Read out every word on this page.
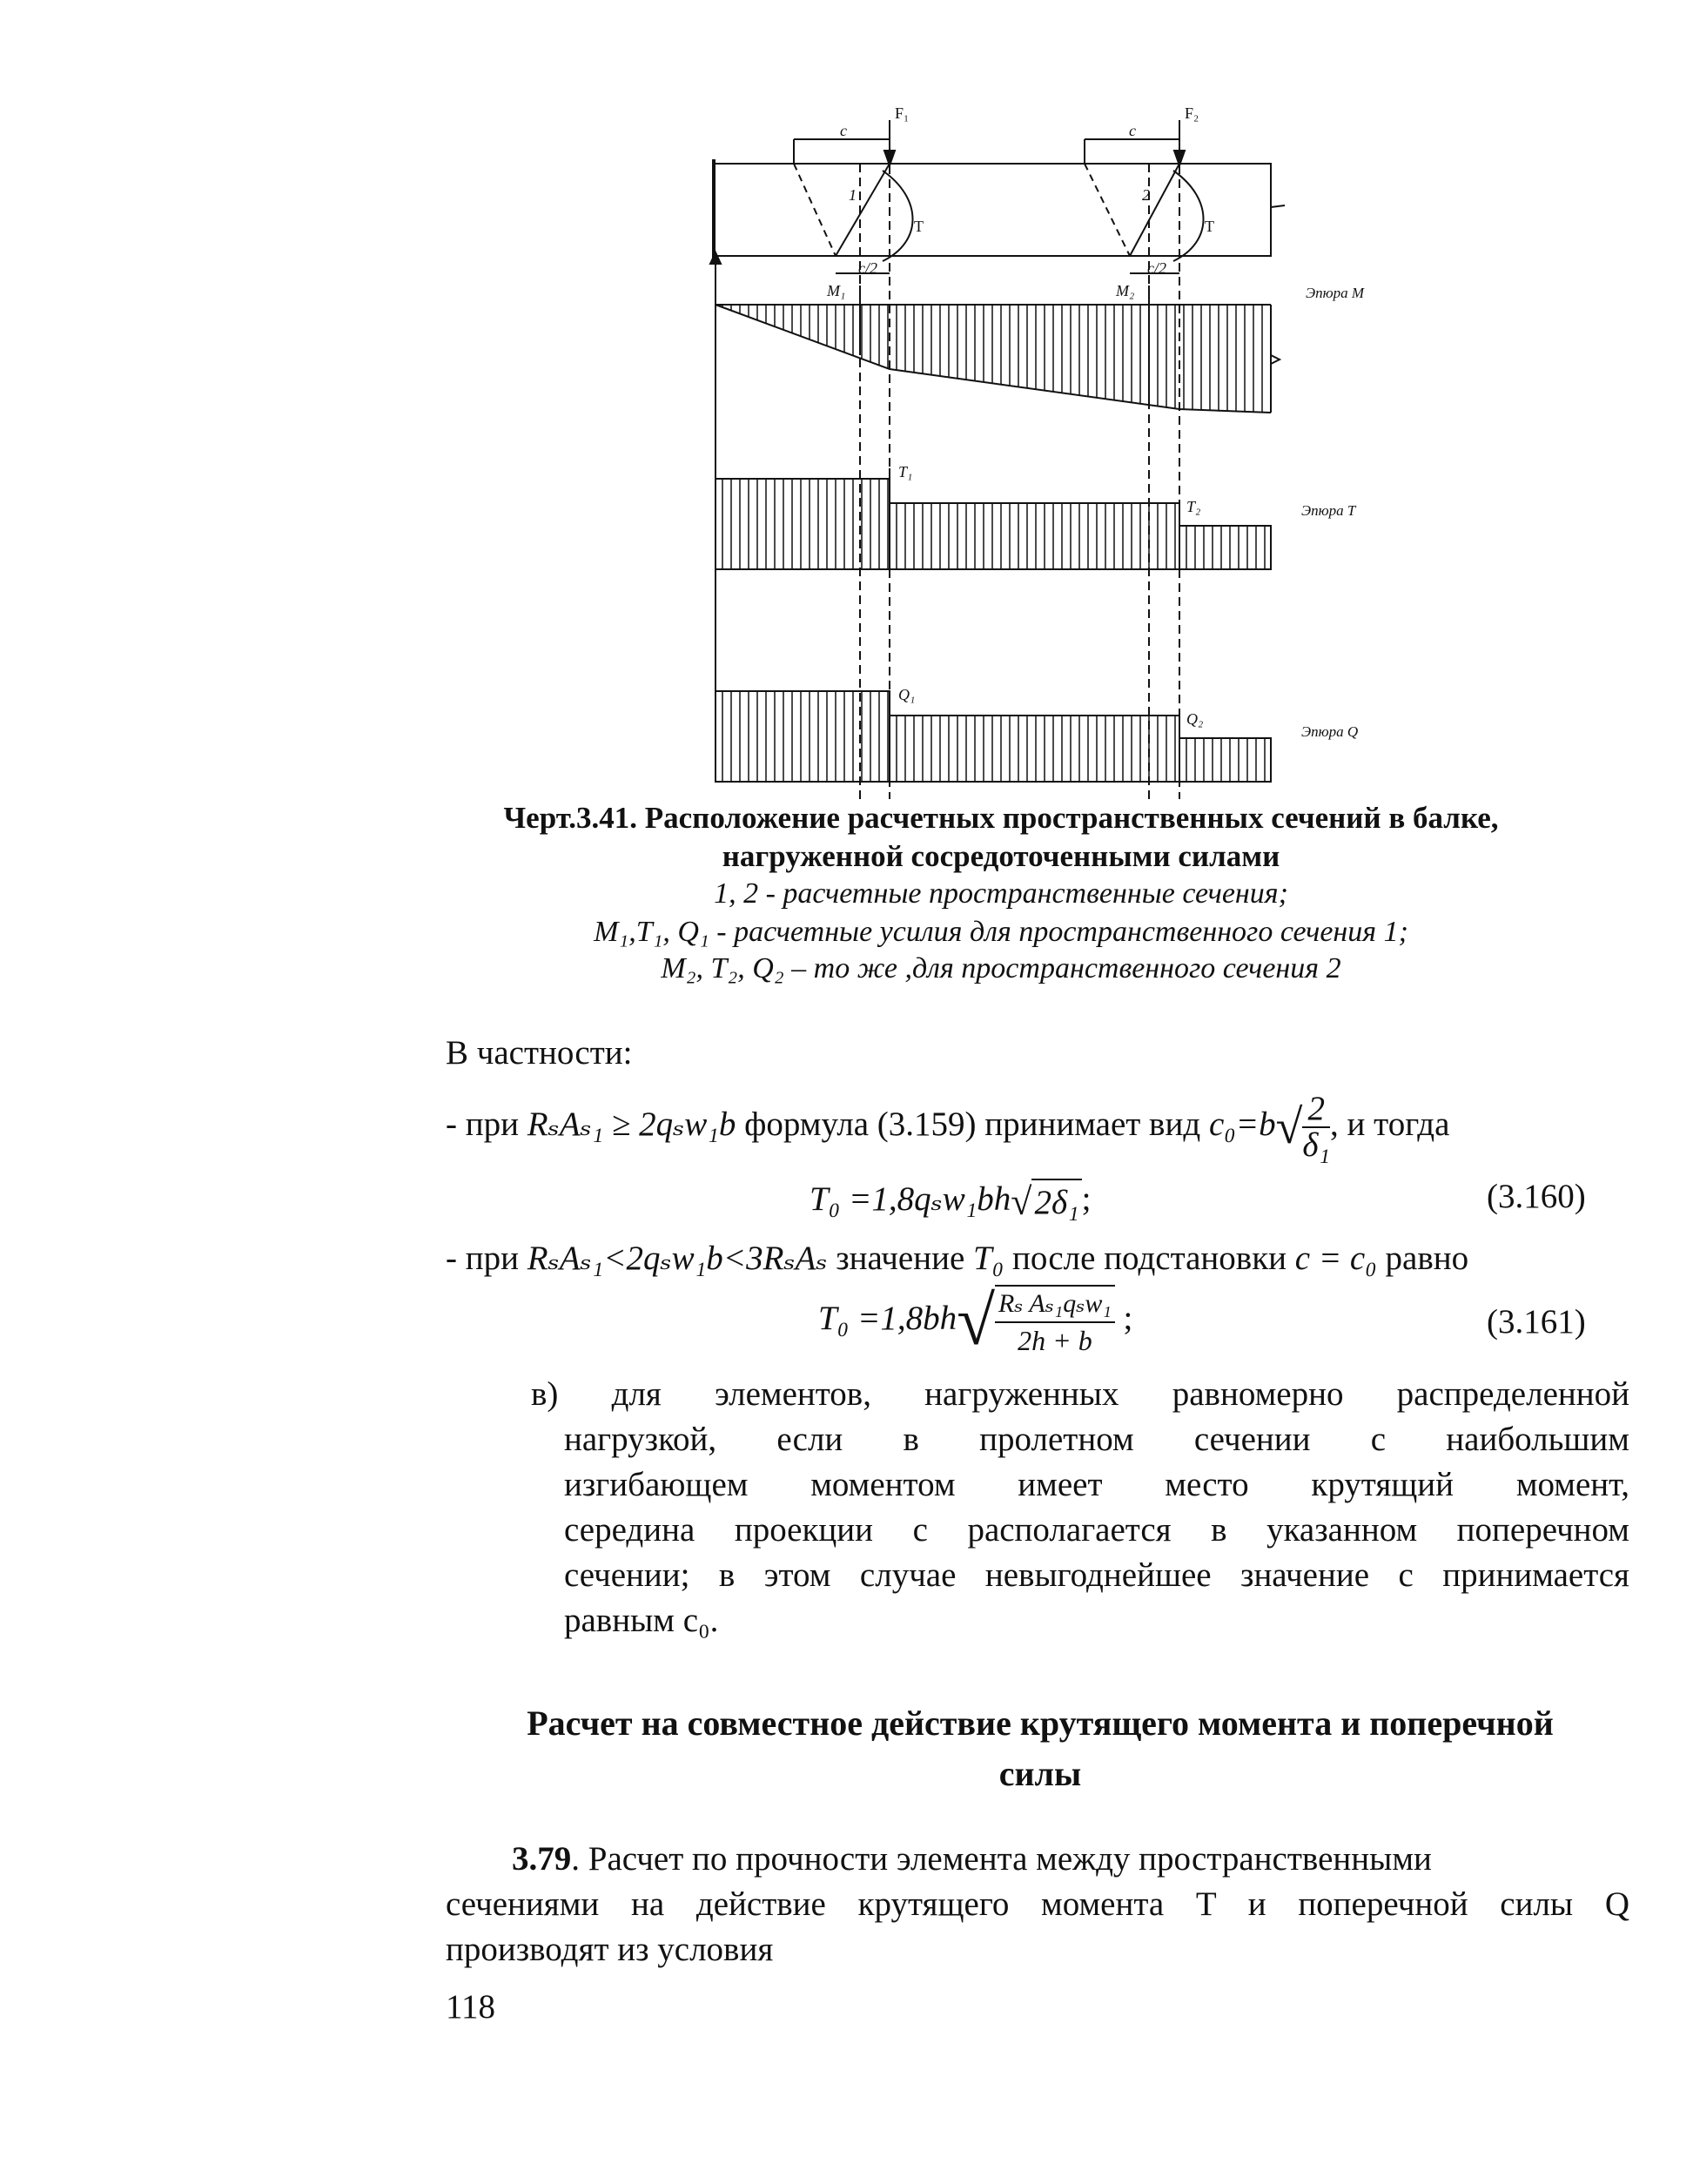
F₁	F₂
c	c
1	2
T	T
c/2	c/2
M₁	M₂
T₁
T₂
Q₁
Q₂
Эпюра M
Эпюра T
Эпюра Q
Черт.3.41. Расположение расчетных пространственных сечений в балке,
нагруженной сосредоточенными силами
1, 2 - расчетные пространственные сечения;
M₁,T₁, Q₁ - расчетные усилия для пространственного сечения 1;
M₂, T₂, Q₂ – то же ,для пространственного сечения 2
В частности:
- при RₛAₛ₁ ≥ 2qₛw₁b формула (3.159) принимает вид $c_0=b√ \frac{2}{\text{δ₁}}$ , и тогда
T₀ =1,8qₛw₁bh√2δ₁;	(3.160)
- при RₛAₛ₁<2qₛw₁b<3RₛAₛ значение T₀ после подстановки c = c₀ равно
$T_0 =1,8bh√ \frac{\text{Rₛ Aₛ₁qₛw₁}}{2h + b}$ ;	(3.161)
в) для элементов, нагруженных равномерно распределенной
нагрузкой, если в пролетном сечении с наибольшим
изгибающем моментом имеет место крутящий момент,
середина проекции с располагается в указанном поперечном
сечении; в этом случае невыгоднейшее значение с принимается
равным c₀.
Расчет на совместное действие крутящего момента и поперечной
силы
3.79. Расчет по прочности элемента между пространственными
сечениями на действие крутящего момента T и поперечной силы Q
производят из условия
118
